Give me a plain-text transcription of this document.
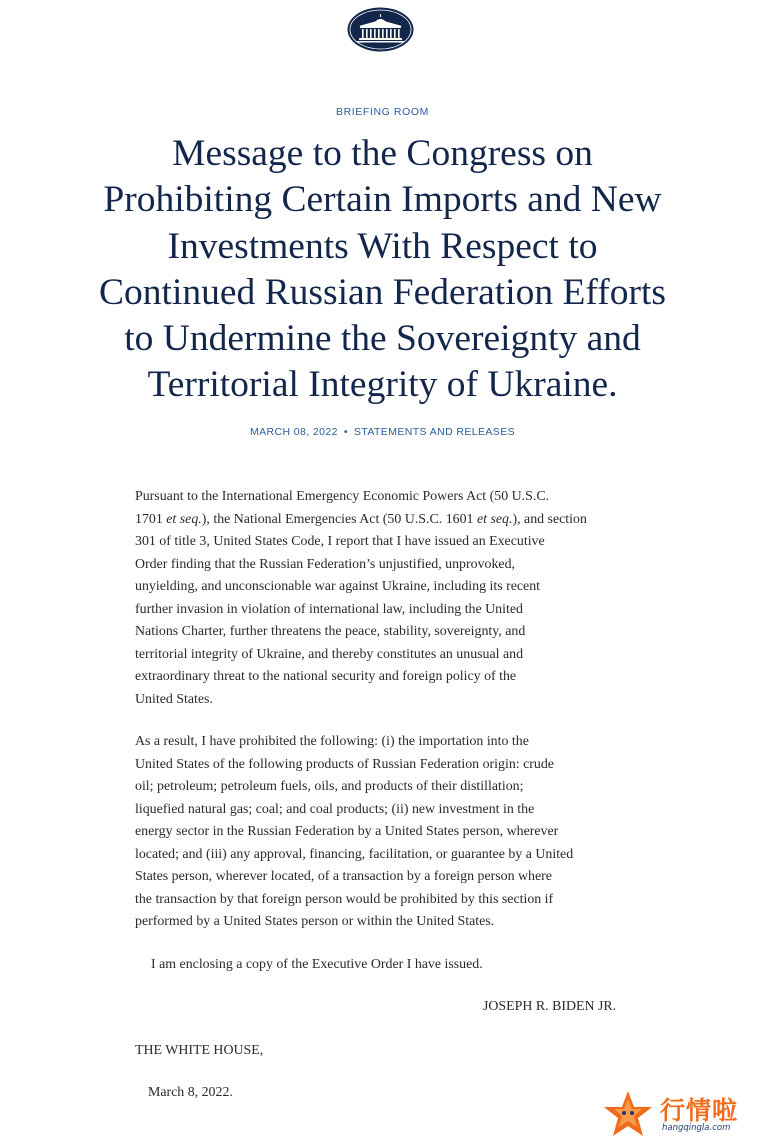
BRIEFING ROOM
Message to the Congress on
Prohibiting Certain Imports and New
Investments With Respect to
Continued Russian Federation Efforts
to Undermine the Sovereignty and
Territorial Integrity of Ukraine.
MARCH 08, 2022 • STATEMENTS AND RELEASES
Pursuant to the International Emergency Economic Powers Act (50 U.S.C.
1701 et seq.), the National Emergencies Act (50 U.S.C. 1601 et seq.), and section
301 of title 3, United States Code, I report that I have issued an Executive
Order finding that the Russian Federation’s unjustified, unprovoked,
unyielding, and unconscionable war against Ukraine, including its recent
further invasion in violation of international law, including the United
Nations Charter, further threatens the peace, stability, sovereignty, and
territorial integrity of Ukraine, and thereby constitutes an unusual and
extraordinary threat to the national security and foreign policy of the
United States.
As a result, I have prohibited the following: (i) the importation into the
United States of the following products of Russian Federation origin: crude
oil; petroleum; petroleum fuels, oils, and products of their distillation;
liquefied natural gas; coal; and coal products; (ii) new investment in the
energy sector in the Russian Federation by a United States person, wherever
located; and (iii) any approval, financing, facilitation, or guarantee by a United
States person, wherever located, of a transaction by a foreign person where
the transaction by that foreign person would be prohibited by this section if
performed by a United States person or within the United States.
I am enclosing a copy of the Executive Order I have issued.
JOSEPH R. BIDEN JR.
THE WHITE HOUSE,
March 8, 2022.
行情啦
hangqingla.com
